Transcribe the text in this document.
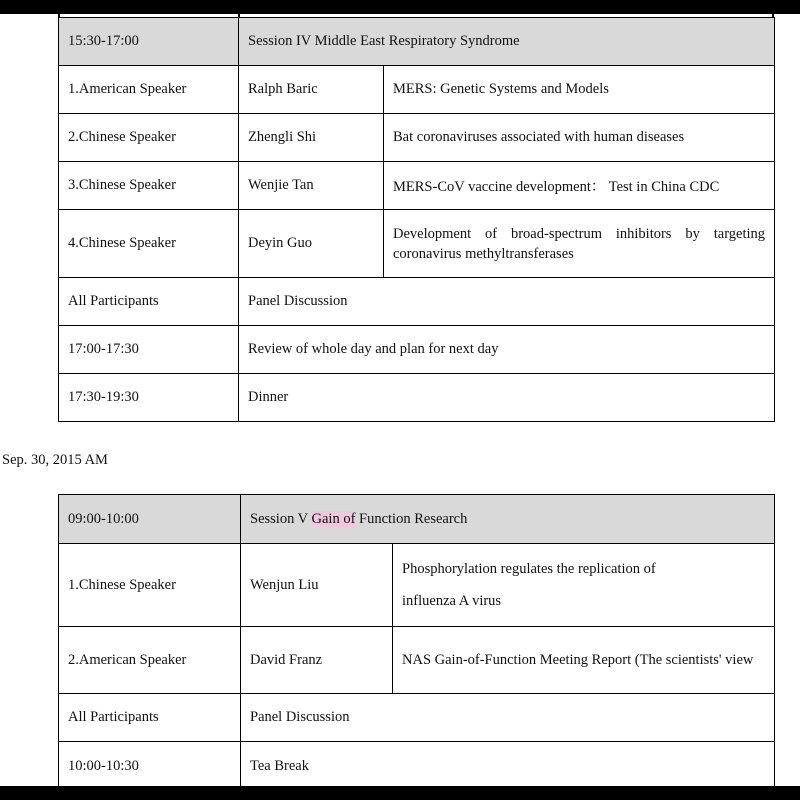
15:30-17:00	Session IV Middle East Respiratory Syndrome	
1.American Speaker	Ralph Baric	MERS: Genetic Systems and Models
2.Chinese Speaker	Zhengli Shi	Bat coronaviruses associated with human diseases
3.Chinese Speaker	Wenjie Tan	MERS-CoV vaccine development： Test in China CDC
4.Chinese Speaker	Deyin Guo	Development of broad-spectrum inhibitors by targeting coronavirus methyltransferases
All Participants	Panel Discussion	
17:00-17:30	Review of whole day and plan for next day	
17:30-19:30	Dinner	
Sep. 30, 2015 AM
09:00-10:00	Session V Gain of Function Research	
1.Chinese Speaker	Wenjun Liu	Phosphorylation regulates the replication of

influenza A virus

2.American Speaker	David Franz	NAS Gain-of-Function Meeting Report (The scientists' view
All Participants	Panel Discussion	
10:00-10:30	Tea Break	
